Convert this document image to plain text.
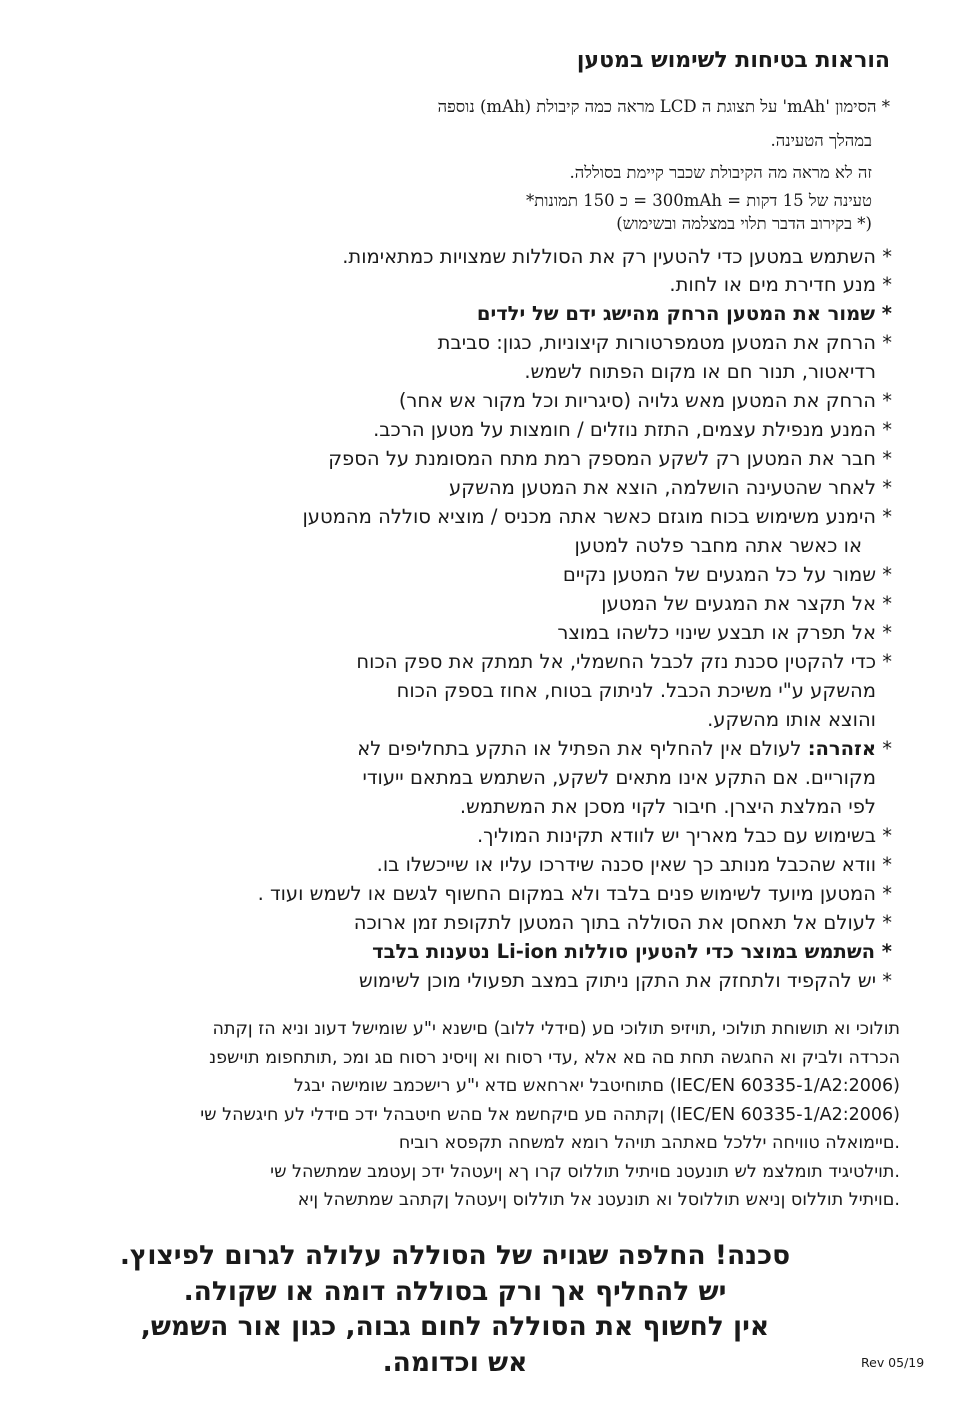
הוראות בטיחות לשימוש במטען
* הסימון 'mAh' על תצוגת ה LCD מראה כמה קיבולת (mAh) נוספה
במהלך הטעינה.
זה לא מראה מה הקיבולת שכבר קיימת בסוללה.
טעינה של 15 דקות = 300mAh = כ 150 תמונות*
(* בקירוב הדבר תלוי במצלמה ובשימוש)
* השתמש במטען כדי להטעין רק את הסוללות שמצויות כמתאימות.
* מנע חדירת מים או לחות.
* שמור את המטען הרחק מהישג ידם של ילדים
* הרחק את המטען מטמפרטורות קיצוניות, כגון: סביבת
רדיאטור, תנור חם או מקום הפתוח לשמש.
* הרחק את המטען מאש גלויה (סיגריות וכל מקור אש אחר)
* המנע מנפילת עצמים, התזת נוזלים / חומצות על מטען הרכב.
* חבר את המטען רק לשקע המספק רמת מתח המסומנת על הספק
* לאחר שהטעינה הושלמה, הוצא את המטען מהשקע
* הימנע משימוש בכוח מוגזם כאשר אתה מכניס / מוציא סוללה מהמטען
או כאשר אתה מחבר פלטה למטען
* שמור על כל המגעים של המטען נקיים
* אל תקצר את המגעים של המטען
* אל תפרק או תבצע שינוי כלשהו במוצר
* כדי להקטין סכנת נזק לכבל החשמלי, אל תמתק את ספק הכוח
מהשקע ע"י משיכת הכבל. לניתוק בטוח, אחוז בספק הכוח
והוצא אותו מהשקע.
* אזהרה: לעולם אין להחליף את הפתיל או התקע בתחליפים לא
מקוריים. אם התקע אינו מתאים לשקע, השתמש במתאם ייעודי
לפי המלצת היצרן. חיבור לקוי מסכן את המשתמש.
* בשימוש עם כבל מאריך יש לוודא תקינות המוליך.
* וודא שהכבל מנותב כך שאין סכנה שידרכו עליו או שייכשלו בו.
* המטען מיועד לשימוש פנים בלבד ולא במקום החשוף לגשם או לשמש ועוד .
* לעולם אל תאחסן את הסוללה בתוך המטען לתקופת זמן ארוכה
* השתמש במוצר כדי להטעין סוללות Li-ion נטענות בלבד
* יש להקפיד ולתחזק את התקן ניתוק במצב תפעולי מוכן לשימוש
תולוכי וא תושוחת תולוכי ,תויזיפ תולוכי םע (םידלי ללוב) םישנא י"ע שומישל דעונ וניא הז ןקתה
הכרדה ולביק וא החגשה תחת םה םא אלא ,עדי רסוח וא ןויסינ רסוח םג ומכ ,תותחפומ תוישפנ
(IEC/EN 60335-1/A2:2006) םתוחיטבל יארחאש םדא י"ע רישכמב שומישה יבגל
(IEC/EN 60335-1/A2:2006) ןקתהה םע םיקחשמ אל םהש חיטבהל ידכ םידלי לע חיגשהל שי
.םיימואלה טוויחה יללכל םאתהב תויהל רומא למשחה תקפסא רוביח
.תוילטיגיד תומלצמ לש תונעטנ םויתיל תוללוס קרו ךא ןיעטהל ידכ ןעטמב שמתשהל שי
.םויתיל תוללוס ןניאש תוללוסל וא תונעטנ אל תוללוס ןיעטהל ןקתהב שמתשהל ןיא
סכנה! החלפה שגויה של הסוללה עלולה לגרום לפיצוץ.
יש להחליף אך ורק בסוללה דומה או שקולה.
אין לחשוף את הסוללה לחום גבוה, כגון אור השמש,
אש וכדומה.	Rev 05/19
